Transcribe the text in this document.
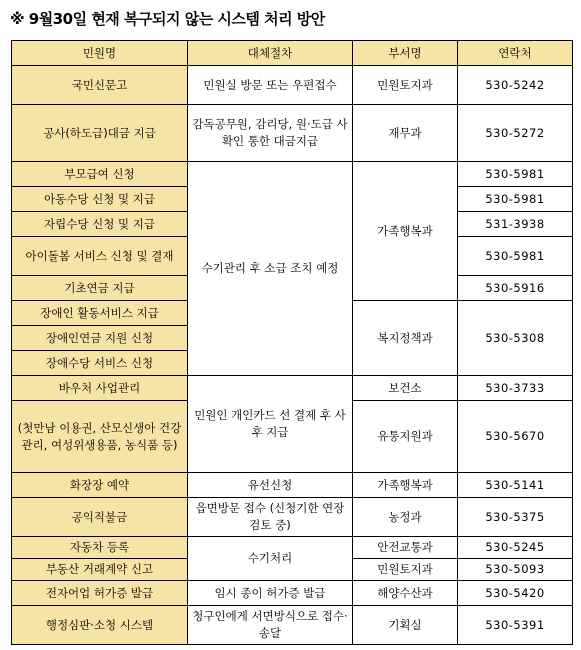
※ 9월30일 현재 복구되지 않는 시스템 처리 방안
민원명	대체절차	부서명	연락처
국민신문고	민원실 방문 또는 우편접수	민원토지과	530-5242
공사(하도급)대금 지급	감독공무원, 감리당, 원·도급 사 확인 통한 대금지급	재무과	530-5272
부모급여 신청	수기관리 후 소급 조치 예정	가족행복과	530-5981
아동수당 신청 및 지급			530-5981
자립수당 신청 및 지급			531-3938
아이돌봄 서비스 신청 및 결재			530-5981
기초연금 지급			530-5916
장애인 활동서비스 지급		복지정책과	530-5308
장애인연금 지원 신청			
장애수당 서비스 신청			
바우처 사업관리	민원인 개인카드 선 결제 후 사후 지급	보건소	530-3733
(첫만남 이용권, 산모신생아 건강관리, 여성위생용품, 농식품 등)		유통지원과	530-5670
화장장 예약	유선신청	가족행복과	530-5141
공익직불금	읍면방문 접수 (신청기한 연장 검토 중)	농정과	530-5375
자동차 등록	수기처리	안전교통과	530-5245
부동산 거래계약 신고		민원토지과	530-5093
전자어업 허가증 발급	임시 종이 허가증 발급	해양수산과	530-5420
행정심판·소청 시스템	청구인에게 서면방식으로 접수·송달	기획실	530-5391
